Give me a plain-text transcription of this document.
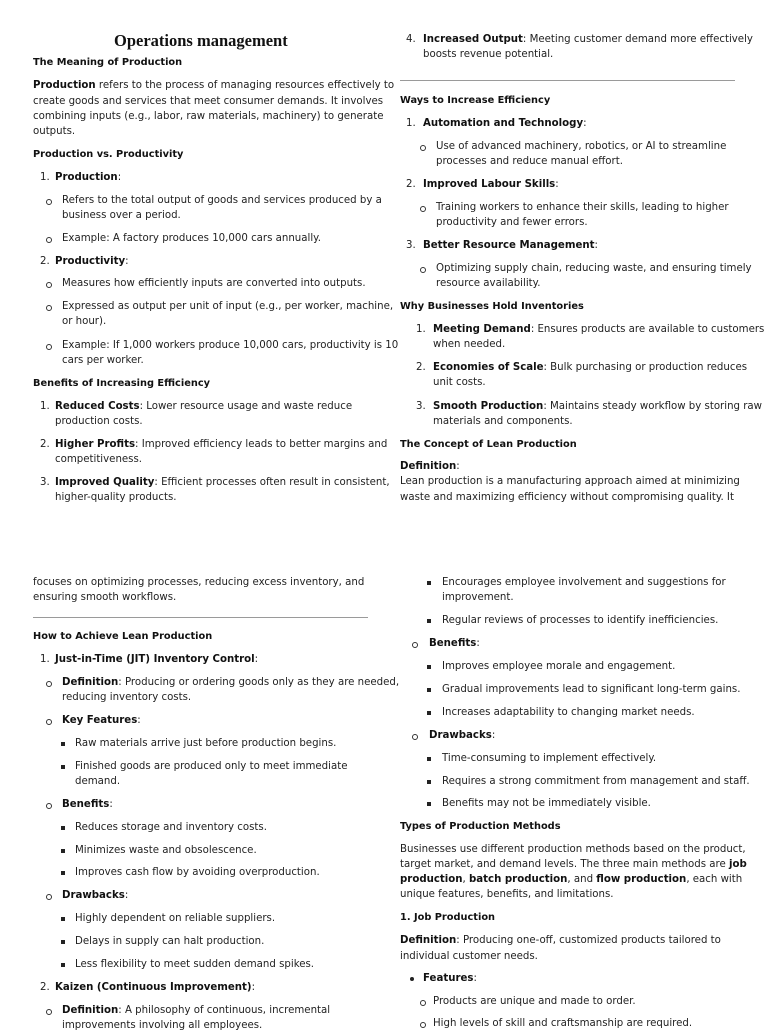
Operations management
The Meaning of Production
Production refers to the process of managing resources effectively to
create goods and services that meet consumer demands. It involves
combining inputs (e.g., labor, raw materials, machinery) to generate
outputs.
Production vs. Productivity
1. Production:
Refers to the total output of goods and services produced by a
business over a period.
Example: A factory produces 10,000 cars annually.
2. Productivity:
Measures how efficiently inputs are converted into outputs.
Expressed as output per unit of input (e.g., per worker, machine,
or hour).
Example: If 1,000 workers produce 10,000 cars, productivity is 10
cars per worker.
Benefits of Increasing Efficiency
1. Reduced Costs: Lower resource usage and waste reduce
production costs.
2. Higher Profits: Improved efficiency leads to better margins and
competitiveness.
3. Improved Quality: Efficient processes often result in consistent,
higher-quality products.
4. Increased Output: Meeting customer demand more effectively
boosts revenue potential.
Ways to Increase Efficiency
1. Automation and Technology:
Use of advanced machinery, robotics, or AI to streamline
processes and reduce manual effort.
2. Improved Labour Skills:
Training workers to enhance their skills, leading to higher
productivity and fewer errors.
3. Better Resource Management:
Optimizing supply chain, reducing waste, and ensuring timely
resource availability.
Why Businesses Hold Inventories
1. Meeting Demand: Ensures products are available to customers
when needed.
2. Economies of Scale: Bulk purchasing or production reduces
unit costs.
3. Smooth Production: Maintains steady workflow by storing raw
materials and components.
The Concept of Lean Production
Definition:
Lean production is a manufacturing approach aimed at minimizing
waste and maximizing efficiency without compromising quality. It
focuses on optimizing processes, reducing excess inventory, and
ensuring smooth workflows.
How to Achieve Lean Production
1. Just-in-Time (JIT) Inventory Control:
Definition: Producing or ordering goods only as they are needed,
reducing inventory costs.
Key Features:
Raw materials arrive just before production begins.
Finished goods are produced only to meet immediate
demand.
Benefits:
Reduces storage and inventory costs.
Minimizes waste and obsolescence.
Improves cash flow by avoiding overproduction.
Drawbacks:
Highly dependent on reliable suppliers.
Delays in supply can halt production.
Less flexibility to meet sudden demand spikes.
2. Kaizen (Continuous Improvement):
Definition: A philosophy of continuous, incremental
improvements involving all employees.
Encourages employee involvement and suggestions for
improvement.
Regular reviews of processes to identify inefficiencies.
Benefits:
Improves employee morale and engagement.
Gradual improvements lead to significant long-term gains.
Increases adaptability to changing market needs.
Drawbacks:
Time-consuming to implement effectively.
Requires a strong commitment from management and staff.
Benefits may not be immediately visible.
Types of Production Methods
Businesses use different production methods based on the product,
target market, and demand levels. The three main methods are job
production, batch production, and flow production, each with
unique features, benefits, and limitations.
1. Job Production
Definition: Producing one-off, customized products tailored to
individual customer needs.
Features:
Products are unique and made to order.
High levels of skill and craftsmanship are required.
